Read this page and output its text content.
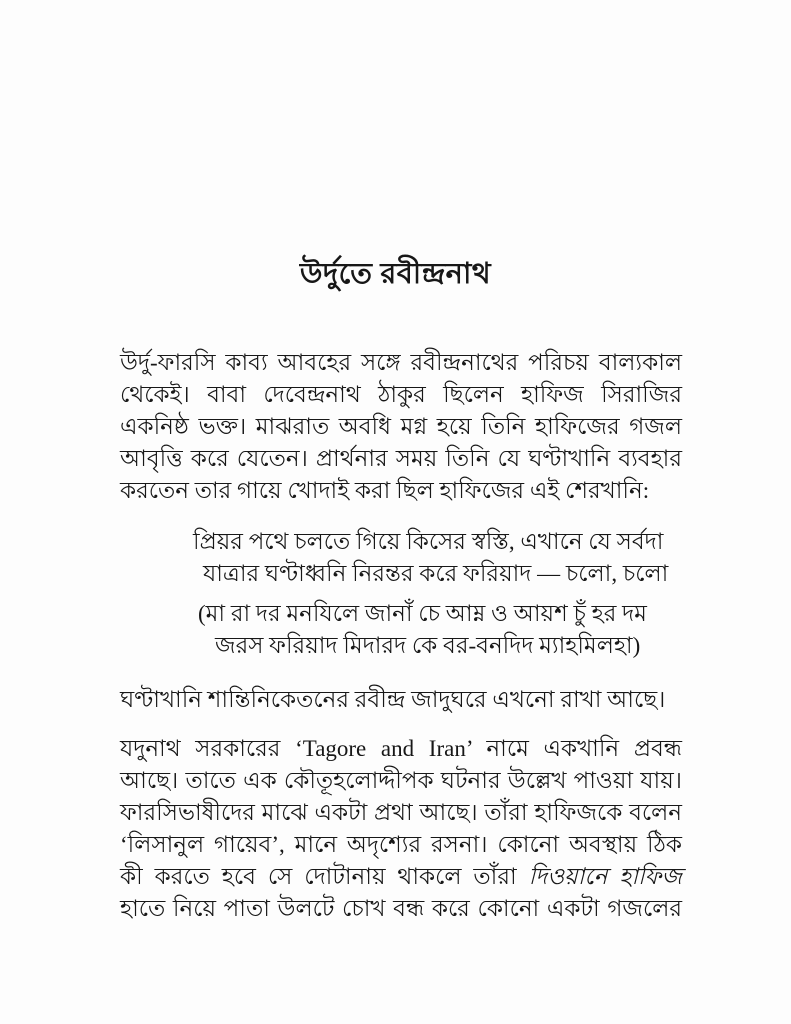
উর্দুতে রবীন্দ্রনাথ
উর্দু-ফারসি কাব্য আবহের সঙ্গে রবীন্দ্রনাথের পরিচয় বাল্যকাল
থেকেই। বাবা দেবেন্দ্রনাথ ঠাকুর ছিলেন হাফিজ সিরাজির
একনিষ্ঠ ভক্ত। মাঝরাত অবধি মগ্ন হয়ে তিনি হাফিজের গজল
আবৃত্তি করে যেতেন। প্রার্থনার সময় তিনি যে ঘণ্টাখানি ব্যবহার
করতেন তার গায়ে খোদাই করা ছিল হাফিজের এই শেরখানি:
প্রিয়র পথে চলতে গিয়ে কিসের স্বস্তি, এখানে যে সর্বদা
যাত্রার ঘণ্টাধ্বনি নিরন্তর করে ফরিয়াদ — চলো, চলো
(মা রা দর মনযিলে জানাঁ চে আম্ন ও আয়শ চুঁ হর দম
জরস ফরিয়াদ মিদারদ কে বর-বনদিদ ম্যাহমিলহা)
ঘণ্টাখানি শান্তিনিকেতনের রবীন্দ্র জাদুঘরে এখনো রাখা আছে।
যদুনাথ সরকারের ‘Tagore and Iran’ নামে একখানি প্রবন্ধ
আছে। তাতে এক কৌতূহলোদ্দীপক ঘটনার উল্লেখ পাওয়া যায়।
ফারসিভাষীদের মাঝে একটা প্রথা আছে। তাঁরা হাফিজকে বলেন
‘লিসানুল গায়েব’, মানে অদৃশ্যের রসনা। কোনো অবস্থায় ঠিক
কী করতে হবে সে দোটানায় থাকলে তাঁরা দিওয়ানে হাফিজ
হাতে নিয়ে পাতা উলটে চোখ বন্ধ করে কোনো একটা গজলের
